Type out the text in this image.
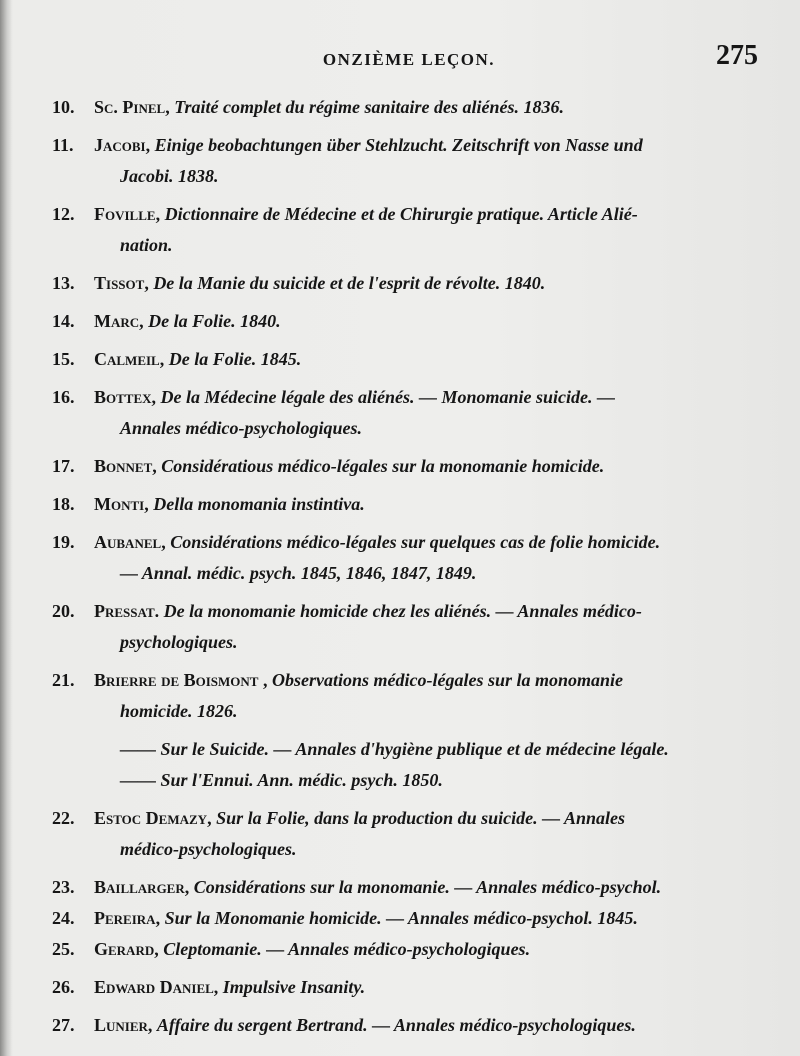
ONZIÈME LEÇON.	275
10. Sc. Pinel, Traité complet du régime sanitaire des aliénés. 1836.
11. Jacobi, Einige beobachtungen über Stehlzucht. Zeitschrift von Nasse und
Jacobi. 1838.
12. Foville, Dictionnaire de Médecine et de Chirurgie pratique. Article Alié-
nation.
13. Tissot, De la Manie du suicide et de l'esprit de révolte. 1840.
14. Marc, De la Folie. 1840.
15. Calmeil, De la Folie. 1845.
16. Bottex, De la Médecine légale des aliénés. — Monomanie suicide. —
Annales médico-psychologiques.
17. Bonnet, Considératious médico-légales sur la monomanie homicide.
18. Monti, Della monomania instintiva.
19. Aubanel, Considérations médico-légales sur quelques cas de folie homicide.
— Annal. médic. psych. 1845, 1846, 1847, 1849.
20. Pressat. De la monomanie homicide chez les aliénés. — Annales médico-
psychologiques.
21. Brierre de Boismont , Observations médico-légales sur la monomanie
homicide. 1826.
—— Sur le Suicide. — Annales d'hygiène publique et de médecine légale.
—— Sur l'Ennui. Ann. médic. psych. 1850.
22. Estoc Demazy, Sur la Folie, dans la production du suicide. — Annales
médico-psychologiques.
23. Baillarger, Considérations sur la monomanie. — Annales médico-psychol.
24. Pereira, Sur la Monomanie homicide. — Annales médico-psychol. 1845.
25. Gerard, Cleptomanie. — Annales médico-psychologiques.
26. Edward Daniel, Impulsive Insanity.
27. Lunier, Affaire du sergent Bertrand. — Annales médico-psychologiques.
